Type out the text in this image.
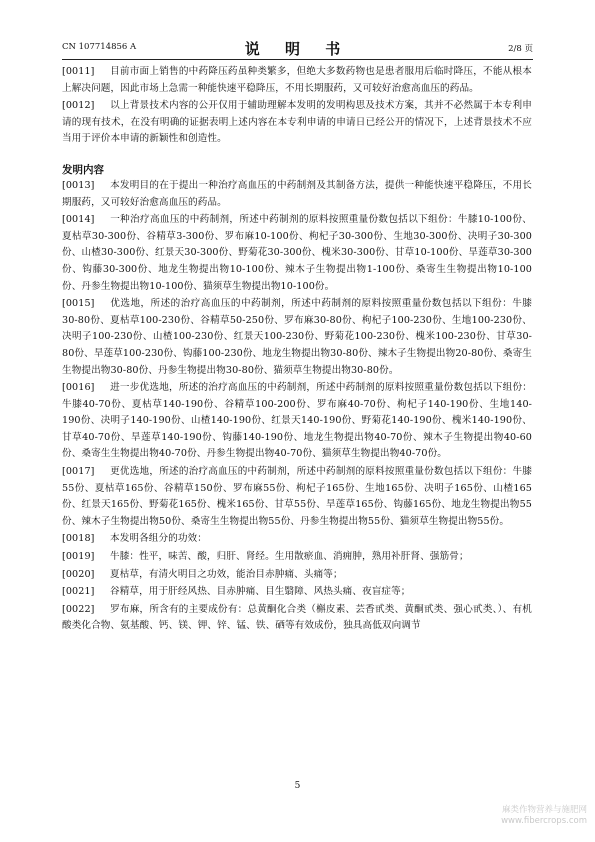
CN 107714856 A	说 明 书	2/8 页

[0011] 目前市面上销售的中药降压药虽种类繁多，但绝大多数药物也是患者服用后临时降压，不能从根本上解决问题，因此市场上急需一种能快速平稳降压，不用长期服药，又可较好治愈高血压的药品。

[0012] 以上背景技术内容的公开仅用于辅助理解本发明的发明构思及技术方案，其并不必然属于本专利申请的现有技术，在没有明确的证据表明上述内容在本专利申请的申请日已经公开的情况下，上述背景技术不应当用于评价本申请的新颖性和创造性。

发明内容

[0013] 本发明目的在于提出一种治疗高血压的中药制剂及其制备方法，提供一种能快速平稳降压，不用长期服药，又可较好治愈高血压的药品。

[0014] 一种治疗高血压的中药制剂，所述中药制剂的原料按照重量份数包括以下组份：牛膝10-100份、夏枯草30-300份、谷精草3-300份、罗布麻10-100份、枸杞子30-300份、生地30-300份、决明子30-300份、山楂30-300份、红景天30-300份、野菊花30-300份、槐米30-300份、甘草10-100份、旱莲草30-300份、钩藤30-300份、地龙生物提出物10-100份、辣木子生物提出物1-100份、桑寄生生物提出物10-100份、丹参生物提出物10-100份、猫须草生物提出物10-100份。

[0015] 优选地，所述的治疗高血压的中药制剂，所述中药制剂的原料按照重量份数包括以下组份：牛膝30-80份、夏枯草100-230份、谷精草50-250份、罗布麻30-80份、枸杞子100-230份、生地100-230份、决明子100-230份、山楂100-230份、红景天100-230份、野菊花100-230份、槐米100-230份、甘草30-80份、旱莲草100-230份、钩藤100-230份、地龙生物提出物30-80份、辣木子生物提出物20-80份、桑寄生生物提出物30-80份、丹参生物提出物30-80份、猫须草生物提出物30-80份。

[0016] 进一步优选地，所述的治疗高血压的中药制剂，所述中药制剂的原料按照重量份数包括以下组份：牛膝40-70份、夏枯草140-190份、谷精草100-200份、罗布麻40-70份、枸杞子140-190份、生地140-190份、决明子140-190份、山楂140-190份、红景天140-190份、野菊花140-190份、槐米140-190份、甘草40-70份、旱莲草140-190份、钩藤140-190份、地龙生物提出物40-70份、辣木子生物提出物40-60份、桑寄生生物提出物40-70份、丹参生物提出物40-70份、猫须草生物提出物40-70份。

[0017] 更优选地，所述的治疗高血压的中药制剂，所述中药制剂的原料按照重量份数包括以下组份：牛膝55份、夏枯草165份、谷精草150份、罗布麻55份、枸杞子165份、生地165份、决明子165份、山楂165份、红景天165份、野菊花165份、槐米165份、甘草55份、旱莲草165份、钩藤165份、地龙生物提出物55份、辣木子生物提出物50份、桑寄生生物提出物55份、丹参生物提出物55份、猫须草生物提出物55份。

[0018] 本发明各组分的功效：

[0019] 牛膝：性平，味苦、酸，归肝、肾经。生用散瘀血、消痈肿，熟用补肝肾、强筋骨；

[0020] 夏枯草，有清火明目之功效，能治目赤肿痛、头痛等；

[0021] 谷精草，用于肝经风热、目赤肿痛、目生翳障、风热头痛、夜盲症等；

[0022] 罗布麻，所含有的主要成份有：总黄酮化合类（槲皮素、芸香甙类、黄酮甙类、强心甙类、）、有机酸类化合物、氨基酸、钙、镁、钾、锌、锰、铁、硒等有效成份，独具高低双向调节

5
麻类作物营养与施肥网
www.fibercrops.com
